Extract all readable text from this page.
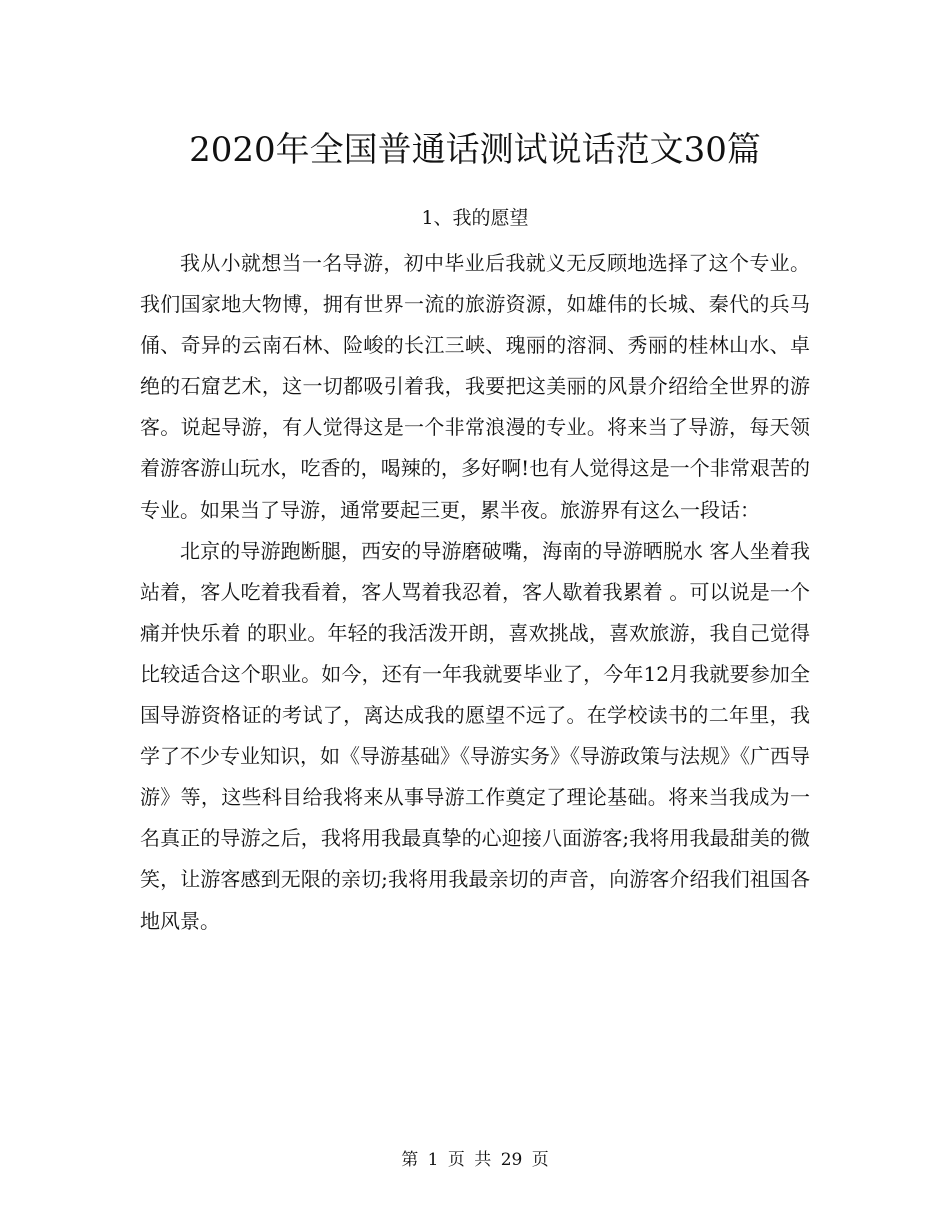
2020年全国普通话测试说话范文30篇
1、我的愿望

我从小就想当一名导游，初中毕业后我就义无反顾地选择了这个专业。我们国家地大物博，拥有世界一流的旅游资源，如雄伟的长城、秦代的兵马俑、奇异的云南石林、险峻的长江三峡、瑰丽的溶洞、秀丽的桂林山水、卓绝的石窟艺术，这一切都吸引着我，我要把这美丽的风景介绍给全世界的游客。说起导游，有人觉得这是一个非常浪漫的专业。将来当了导游，每天领着游客游山玩水，吃香的，喝辣的，多好啊!也有人觉得这是一个非常艰苦的专业。如果当了导游，通常要起三更，累半夜。旅游界有这么一段话：

北京的导游跑断腿，西安的导游磨破嘴，海南的导游晒脱水 客人坐着我站着，客人吃着我看着，客人骂着我忍着，客人歇着我累着 。可以说是一个 痛并快乐着 的职业。年轻的我活泼开朗，喜欢挑战，喜欢旅游，我自己觉得比较适合这个职业。如今，还有一年我就要毕业了，今年12月我就要参加全国导游资格证的考试了，离达成我的愿望不远了。在学校读书的二年里，我学了不少专业知识，如《导游基础》《导游实务》《导游政策与法规》《广西导游》等，这些科目给我将来从事导游工作奠定了理论基础。将来当我成为一名真正的导游之后，我将用我最真挚的心迎接八面游客;我将用我最甜美的微笑，让游客感到无限的亲切;我将用我最亲切的声音，向游客介绍我们祖国各地风景。

第 1 页 共 29 页
